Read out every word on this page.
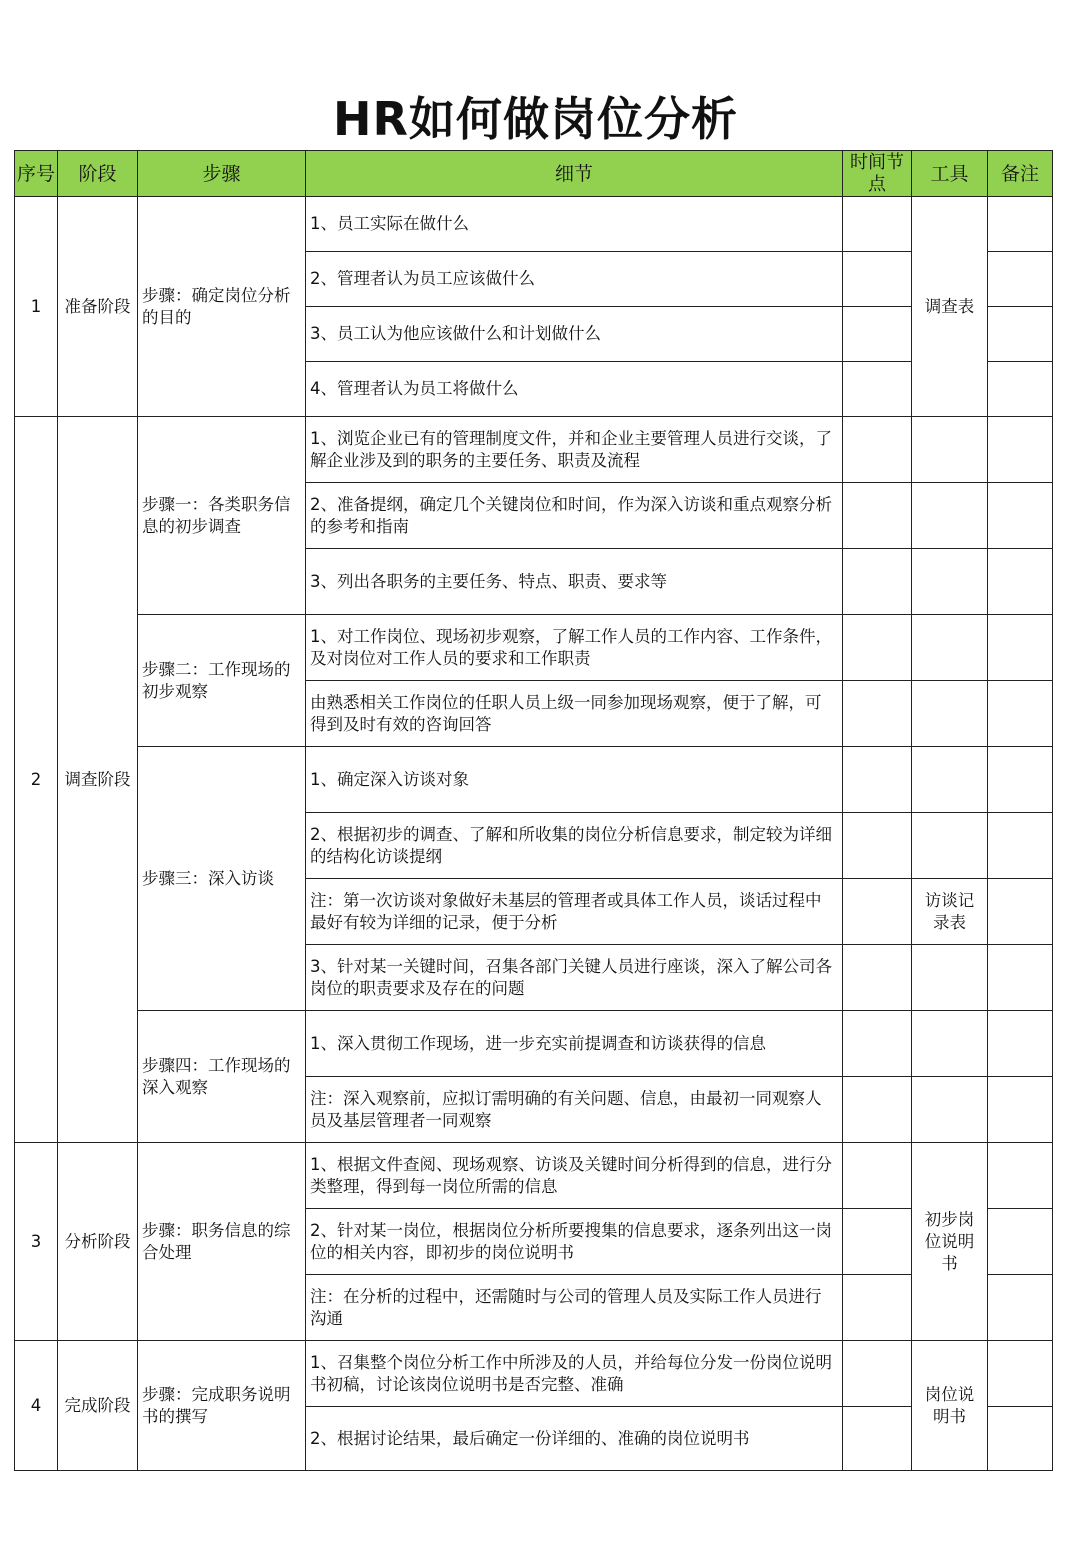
HR如何做岗位分析
序号	阶段	步骤	细节	时间节点	工具	备注
1	准备阶段	步骤：确定岗位分析的目的	1、员工实际在做什么		调查表	
			2、管理者认为员工应该做什么			
			3、员工认为他应该做什么和计划做什么			
			4、管理者认为员工将做什么			
2	调查阶段	步骤一：各类职务信息的初步调查	1、浏览企业已有的管理制度文件，并和企业主要管理人员进行交谈，了解企业涉及到的职务的主要任务、职责及流程			
			2、准备提纲，确定几个关键岗位和时间，作为深入访谈和重点观察分析的参考和指南			
			3、列出各职务的主要任务、特点、职责、要求等			
		步骤二：工作现场的初步观察	1、对工作岗位、现场初步观察，了解工作人员的工作内容、工作条件，及对岗位对工作人员的要求和工作职责			
			由熟悉相关工作岗位的任职人员上级一同参加现场观察，便于了解，可得到及时有效的咨询回答			
		步骤三：深入访谈	1、确定深入访谈对象			
			2、根据初步的调查、了解和所收集的岗位分析信息要求，制定较为详细的结构化访谈提纲			
			注：第一次访谈对象做好未基层的管理者或具体工作人员，谈话过程中最好有较为详细的记录，便于分析		访谈记录表	
			3、针对某一关键时间，召集各部门关键人员进行座谈，深入了解公司各岗位的职责要求及存在的问题			
		步骤四：工作现场的深入观察	1、深入贯彻工作现场，进一步充实前提调查和访谈获得的信息			
			注：深入观察前，应拟订需明确的有关问题、信息，由最初一同观察人员及基层管理者一同观察			
3	分析阶段	步骤：职务信息的综合处理	1、根据文件查阅、现场观察、访谈及关键时间分析得到的信息，进行分类整理，得到每一岗位所需的信息		初步岗位说明书	
			2、针对某一岗位，根据岗位分析所要搜集的信息要求，逐条列出这一岗位的相关内容，即初步的岗位说明书			
			注：在分析的过程中，还需随时与公司的管理人员及实际工作人员进行沟通			
4	完成阶段	步骤：完成职务说明书的撰写	1、召集整个岗位分析工作中所涉及的人员，并给每位分发一份岗位说明书初稿，讨论该岗位说明书是否完整、准确		岗位说明书	
			2、根据讨论结果，最后确定一份详细的、准确的岗位说明书			
